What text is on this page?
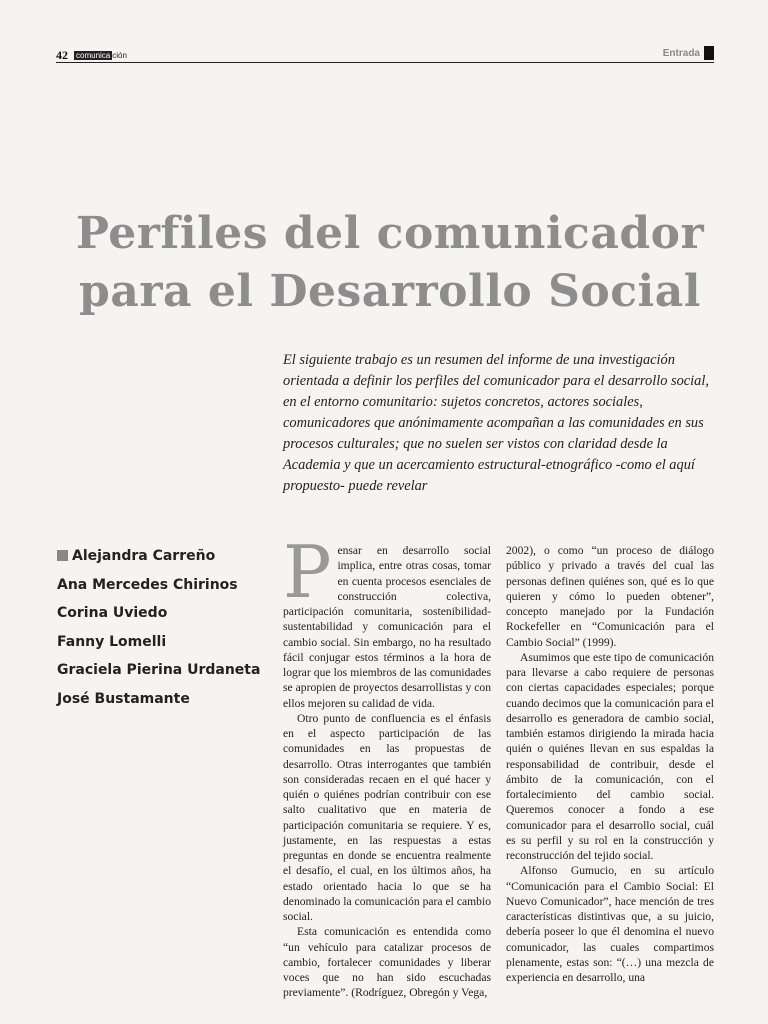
42 comunica ción	Entrada
Perfiles del comunicador
para el Desarrollo Social
El siguiente trabajo es un resumen del informe de una investigación orientada a definir los perfiles del comunicador para el desarrollo social, en el entorno comunitario: sujetos concretos, actores sociales, comunicadores que anónimamente acompañan a las comunidades en sus procesos culturales; que no suelen ser vistos con claridad desde la Academia y que un acercamiento estructural-etnográfico -como el aquí propuesto- puede revelar
Alejandra Carreño
Ana Mercedes Chirinos
Corina Uviedo
Fanny Lomelli
Graciela Pierina Urdaneta
José Bustamante
P ensar en desarrollo social implica, entre otras cosas, tomar en cuenta procesos esenciales de construcción colectiva, participación comunitaria, sostenibilidad-sustentabilidad y comunicación para el cambio social. Sin embargo, no ha resultado fácil conjugar estos términos a la hora de lograr que los miembros de las comunidades se apropien de proyectos desarrollistas y con ellos mejoren su calidad de vida.

Otro punto de confluencia es el énfasis en el aspecto participación de las comunidades en las propuestas de desarrollo. Otras interrogantes que también son consideradas recaen en el qué hacer y quién o quiénes podrían contribuir con ese salto cualitativo que en materia de participación comunitaria se requiere. Y es, justamente, en las respuestas a estas preguntas en donde se encuentra realmente el desafío, el cual, en los últimos años, ha estado orientado hacia lo que se ha denominado la comunicación para el cambio social.

Esta comunicación es entendida como “un vehículo para catalizar procesos de cambio, fortalecer comunidades y liberar voces que no han sido escuchadas previamente”. (Rodríguez, Obregón y Vega,

2002), o como “un proceso de diálogo público y privado a través del cual las personas definen quiénes son, qué es lo que quieren y cómo lo pueden obtener”, concepto manejado por la Fundación Rockefeller en “Comunicación para el Cambio Social” (1999).

Asumimos que este tipo de comunicación para llevarse a cabo requiere de personas con ciertas capacidades especiales; porque cuando decimos que la comunicación para el desarrollo es generadora de cambio social, también estamos dirigiendo la mirada hacia quién o quiénes llevan en sus espaldas la responsabilidad de contribuir, desde el ámbito de la comunicación, con el fortalecimiento del cambio social. Queremos conocer a fondo a ese comunicador para el desarrollo social, cuál es su perfil y su rol en la construcción y reconstrucción del tejido social.

Alfonso Gumucio, en su artículo “Comunicación para el Cambio Social: El Nuevo Comunicador”, hace mención de tres características distintivas que, a su juicio, debería poseer lo que él denomina el nuevo comunicador, las cuales compartimos plenamente, estas son: “(…) una mezcla de experiencia en desarrollo, una
